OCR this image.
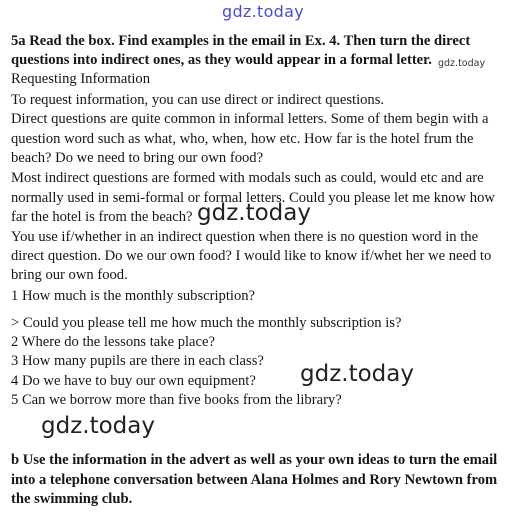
gdz.today
5a Read the box. Find examples in the email in Ex. 4. Then turn the direct
questions into indirect ones, as they would appear in a formal letter. gdz.today
Requesting Information
To request information, you can use direct or indirect questions.
Direct questions are quite common in informal letters. Some of them begin with a
question word such as what, who, when, how etc. How far is the hotel frum the
beach? Do we need to bring our own food?
Most indirect questions are formed with modals such as could, would etc and are
normally used in semi-formal or formal letters. Could you please let me know how
far the hotel is from the beach? gdz.today
You use if/whether in an indirect question when there is no question word in the
direct question. Do we our own food? I would like to know if/whet her we need to
bring our own food.
1 How much is the monthly subscription?
> Could you please tell me how much the monthly subscription is?
2 Where do the lessons take place?
3 How many pupils are there in each class?
4 Do we have to buy our own equipment? gdz.today
5 Can we borrow more than five books from the library?
gdz.today
b Use the information in the advert as well as your own ideas to turn the email
into a telephone conversation between Alana Holmes and Rory Newtown from
the swimming club.
